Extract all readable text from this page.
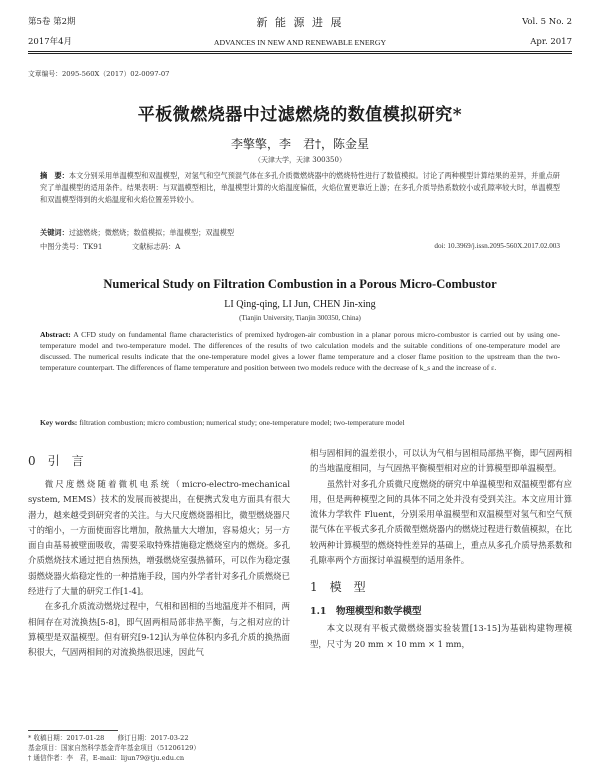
第5卷 第2期	新 能 源 进 展	Vol. 5 No. 2
2017年4月	ADVANCES IN NEW AND RENEWABLE ENERGY	Apr. 2017
文章编号：2095-560X（2017）02-0097-07
平板微燃烧器中过滤燃烧的数值模拟研究*
李擎擎，李　君†，陈金星
（天津大学，天津 300350）
摘　要：本文分别采用单温模型和双温模型，对氢气和空气预混气体在多孔介质微燃烧器中的燃烧特性进行了数值模拟。讨论了两种模型计算结果的差异，并重点研究了单温模型的适用条件。结果表明：与双温模型相比，单温模型计算的火焰温度偏低，火焰位置更靠近上游；在多孔介质导热系数较小或孔隙率较大时，单温模型和双温模型得到的火焰温度和火焰位置差异较小。
关键词：过滤燃烧；微燃烧；数值模拟；单温模型；双温模型
中图分类号：TK91	文献标志码：A	doi: 10.3969/j.issn.2095-560X.2017.02.003
Numerical Study on Filtration Combustion in a Porous Micro-Combustor
LI Qing-qing, LI Jun, CHEN Jin-xing
(Tianjin University, Tianjin 300350, China)
Abstract: A CFD study on fundamental flame characteristics of premixed hydrogen-air combustion in a planar porous micro-combustor is carried out by using one-temperature model and two-temperature model. The differences of the results of two calculation models and the suitable conditions of one-temperature model are discussed. The numerical results indicate that the one-temperature model gives a lower flame temperature and a closer flame position to the upstream than the two-temperature counterpart. The differences of flame temperature and position between two models reduce with the decrease of k_s and the increase of ε.
Key words: filtration combustion; micro combustion; numerical study; one-temperature model; two-temperature model
0　引　言

微尺度燃烧随着微机电系统（micro-electro-mechanical system, MEMS）技术的发展而被提出，在便携式发电方面具有很大潜力，越来越受到研究者的关注。与大尺度燃烧器相比，微型燃烧器尺寸的缩小，一方面使面容比增加，散热量大大增加，容易熄火；另一方面自由基易被壁面吸收，需要采取特殊措施稳定燃烧室内的燃烧。多孔介质燃烧技术通过把自热预热，增强燃烧室强热循环，可以作为稳定强弱燃烧器火焰稳定性的一种措施手段，国内外学者针对多孔介质燃烧已经进行了大量的研究工作[1-4]。

在多孔介质流动燃烧过程中，气相和固相的当地温度并不相同，两相间存在对流换热[5-8]，即气固两相局部非热平衡，与之相对应的计算模型是双温模型。但有研究[9-12]认为单位体积内多孔介质的换热面积很大，气固两相间的对流换热很迅速，因此气

相与固相间的温差很小，可以认为气相与固相局部热平衡，即气固两相的当地温度相同，与气固热平衡模型相对应的计算模型即单温模型。

虽然针对多孔介质微尺度燃烧的研究中单温模型和双温模型都有应用，但是两种模型之间的具体不同之处并没有受到关注。本文应用计算流体力学软件 Fluent，分别采用单温模型和双温模型对氢气和空气预混气体在平板式多孔介质微型燃烧器内的燃烧过程进行数值模拟，在比较两种计算模型的燃烧特性差异的基础上，重点从多孔介质导热系数和孔隙率两个方面探讨单温模型的适用条件。

1　模　型
1.1　物理模型和数学模型

本文以现有平板式微燃烧器实验装置[13-15]为基础构建物理模型，尺寸为 20 mm × 10 mm × 1 mm，

* 收稿日期：2017-01-28　　修订日期：2017-03-22
基金项目：国家自然科学基金青年基金项目（51206129）
† 通信作者：李　君，E-mail：lijun79@tju.edu.cn
